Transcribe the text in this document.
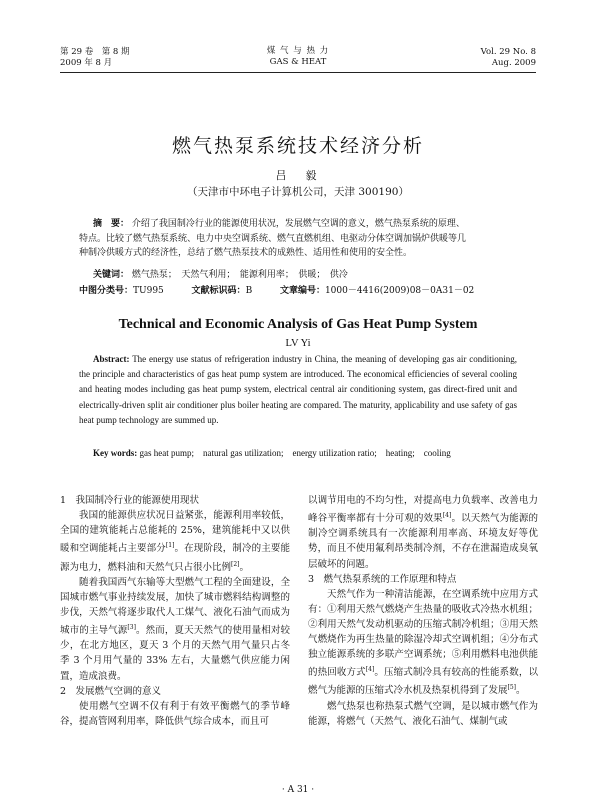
第 29 卷　第 8 期
2009 年 8 月
煤 气 与 热 力
GAS & HEAT
Vol. 29 No. 8
Aug. 2009
燃气热泵系统技术经济分析
吕　毅
（天津市中环电子计算机公司，天津 300190）
摘　要： 介绍了我国制冷行业的能源使用状况，发展燃气空调的意义，燃气热泵系统的原理、
特点。比较了燃气热泵系统、电力中央空调系统、燃气直燃机组、电驱动分体空调加锅炉供暖等几
种制冷供暖方式的经济性，总结了燃气热泵技术的成熟性、适用性和使用的安全性。
关键词： 燃气热泵；　天然气利用；　能源利用率；　供暖；　供冷
中图分类号：TU995	文献标识码：B	文章编号：1000－4416(2009)08－0A31－02
Technical and Economic Analysis of Gas Heat Pump System
LV Yi
Abstract: The energy use status of refrigeration industry in China, the meaning of developing gas air conditioning, the principle and characteristics of gas heat pump system are introduced. The economical efficiencies of several cooling and heating modes including gas heat pump system, electrical central air conditioning system, gas direct-fired unit and electrically-driven split air conditioner plus boiler heating are compared. The maturity, applicability and use safety of gas heat pump technology are summed up.
Key words: gas heat pump;　natural gas utilization;　energy utilization ratio;　heating;　cooling
1　我国制冷行业的能源使用现状

我国的能源供应状况日益紧张，能源利用率较低，全国的建筑能耗占总能耗的 25%，建筑能耗中又以供暖和空调能耗占主要部分[1]。在现阶段，制冷的主要能源为电力，燃料油和天然气只占很小比例[2]。

随着我国西气东输等大型燃气工程的全面建设，全国城市燃气事业持续发展，加快了城市燃料结构调整的步伐，天然气将逐步取代人工煤气、液化石油气而成为城市的主导气源[3]。然而，夏天天然气的使用量相对较少，在北方地区，夏天 3 个月的天然气用气量只占冬季 3 个月用气量的 33% 左右，大量燃气供应能力闲置，造成浪费。

2　发展燃气空调的意义

使用燃气空调不仅有利于有效平衡燃气的季节峰谷，提高管网利用率，降低供气综合成本，而且可

以调节用电的不均匀性，对提高电力负载率、改善电力峰谷平衡率都有十分可观的效果[4]。以天然气为能源的制冷空调系统具有一次能源利用率高、环境友好等优势，而且不使用氟利昂类制冷剂，不存在泄漏造成臭氧层破坏的问题。

3　燃气热泵系统的工作原理和特点

天然气作为一种清洁能源，在空调系统中应用方式有：①利用天然气燃烧产生热量的吸收式冷热水机组；②利用天然气发动机驱动的压缩式制冷机组；③用天然气燃烧作为再生热量的除湿冷却式空调机组；④分布式独立能源系统的多联产空调系统；⑤利用燃料电池供能的热回收方式[4]。压缩式制冷具有较高的性能系数，以燃气为能源的压缩式冷水机及热泵机得到了发展[5]。

燃气热泵也称热泵式燃气空调，是以城市燃气作为能源，将燃气（天然气、液化石油气、煤制气或

· A 31 ·
